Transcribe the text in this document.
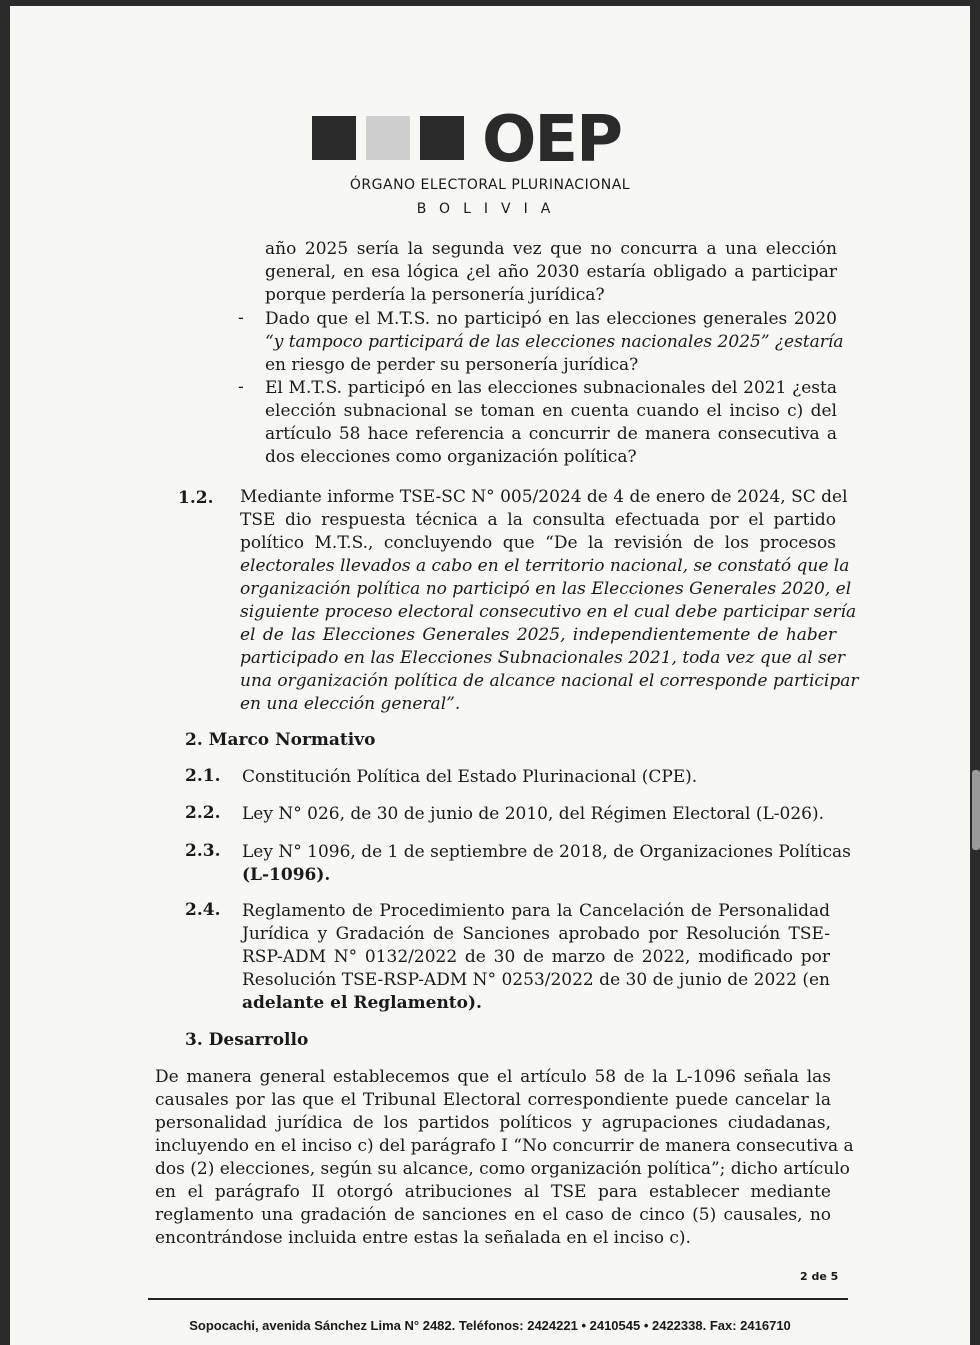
OEP
ÓRGANO ELECTORAL PLURINACIONAL
BOLIVIA
año 2025 sería la segunda vez que no concurra a una elección
general, en esa lógica ¿el año 2030 estaría obligado a participar
porque perdería la personería jurídica?
- Dado que el M.T.S. no participó en las elecciones generales 2020
“y tampoco participará de las elecciones nacionales 2025” ¿estaría
en riesgo de perder su personería jurídica?
- El M.T.S. participó en las elecciones subnacionales del 2021 ¿esta
elección subnacional se toman en cuenta cuando el inciso c) del
artículo 58 hace referencia a concurrir de manera consecutiva a
dos elecciones como organización política?
1.2. Mediante informe TSE-SC N° 005/2024 de 4 de enero de 2024, SC del
TSE dio respuesta técnica a la consulta efectuada por el partido
político M.T.S., concluyendo que “De la revisión de los procesos
electorales llevados a cabo en el territorio nacional, se constató que la
organización política no participó en las Elecciones Generales 2020, el
siguiente proceso electoral consecutivo en el cual debe participar sería
el de las Elecciones Generales 2025, independientemente de haber
participado en las Elecciones Subnacionales 2021, toda vez que al ser
una organización política de alcance nacional el corresponde participar
en una elección general”.
2. Marco Normativo
2.1. Constitución Política del Estado Plurinacional (CPE).
2.2. Ley N° 026, de 30 de junio de 2010, del Régimen Electoral (L-026).
2.3. Ley N° 1096, de 1 de septiembre de 2018, de Organizaciones Políticas
(L-1096).
2.4. Reglamento de Procedimiento para la Cancelación de Personalidad
Jurídica y Gradación de Sanciones aprobado por Resolución TSE-
RSP-ADM N° 0132/2022 de 30 de marzo de 2022, modificado por
Resolución TSE-RSP-ADM N° 0253/2022 de 30 de junio de 2022 (en
adelante el Reglamento).
3. Desarrollo
De manera general establecemos que el artículo 58 de la L-1096 señala las
causales por las que el Tribunal Electoral correspondiente puede cancelar la
personalidad jurídica de los partidos políticos y agrupaciones ciudadanas,
incluyendo en el inciso c) del parágrafo I “No concurrir de manera consecutiva a
dos (2) elecciones, según su alcance, como organización política”; dicho artículo
en el parágrafo II otorgó atribuciones al TSE para establecer mediante
reglamento una gradación de sanciones en el caso de cinco (5) causales, no
encontrándose incluida entre estas la señalada en el inciso c).
2 de 5
Sopocachi, avenida Sánchez Lima N° 2482. Teléfonos: 2424221 • 2410545 • 2422338. Fax: 2416710
